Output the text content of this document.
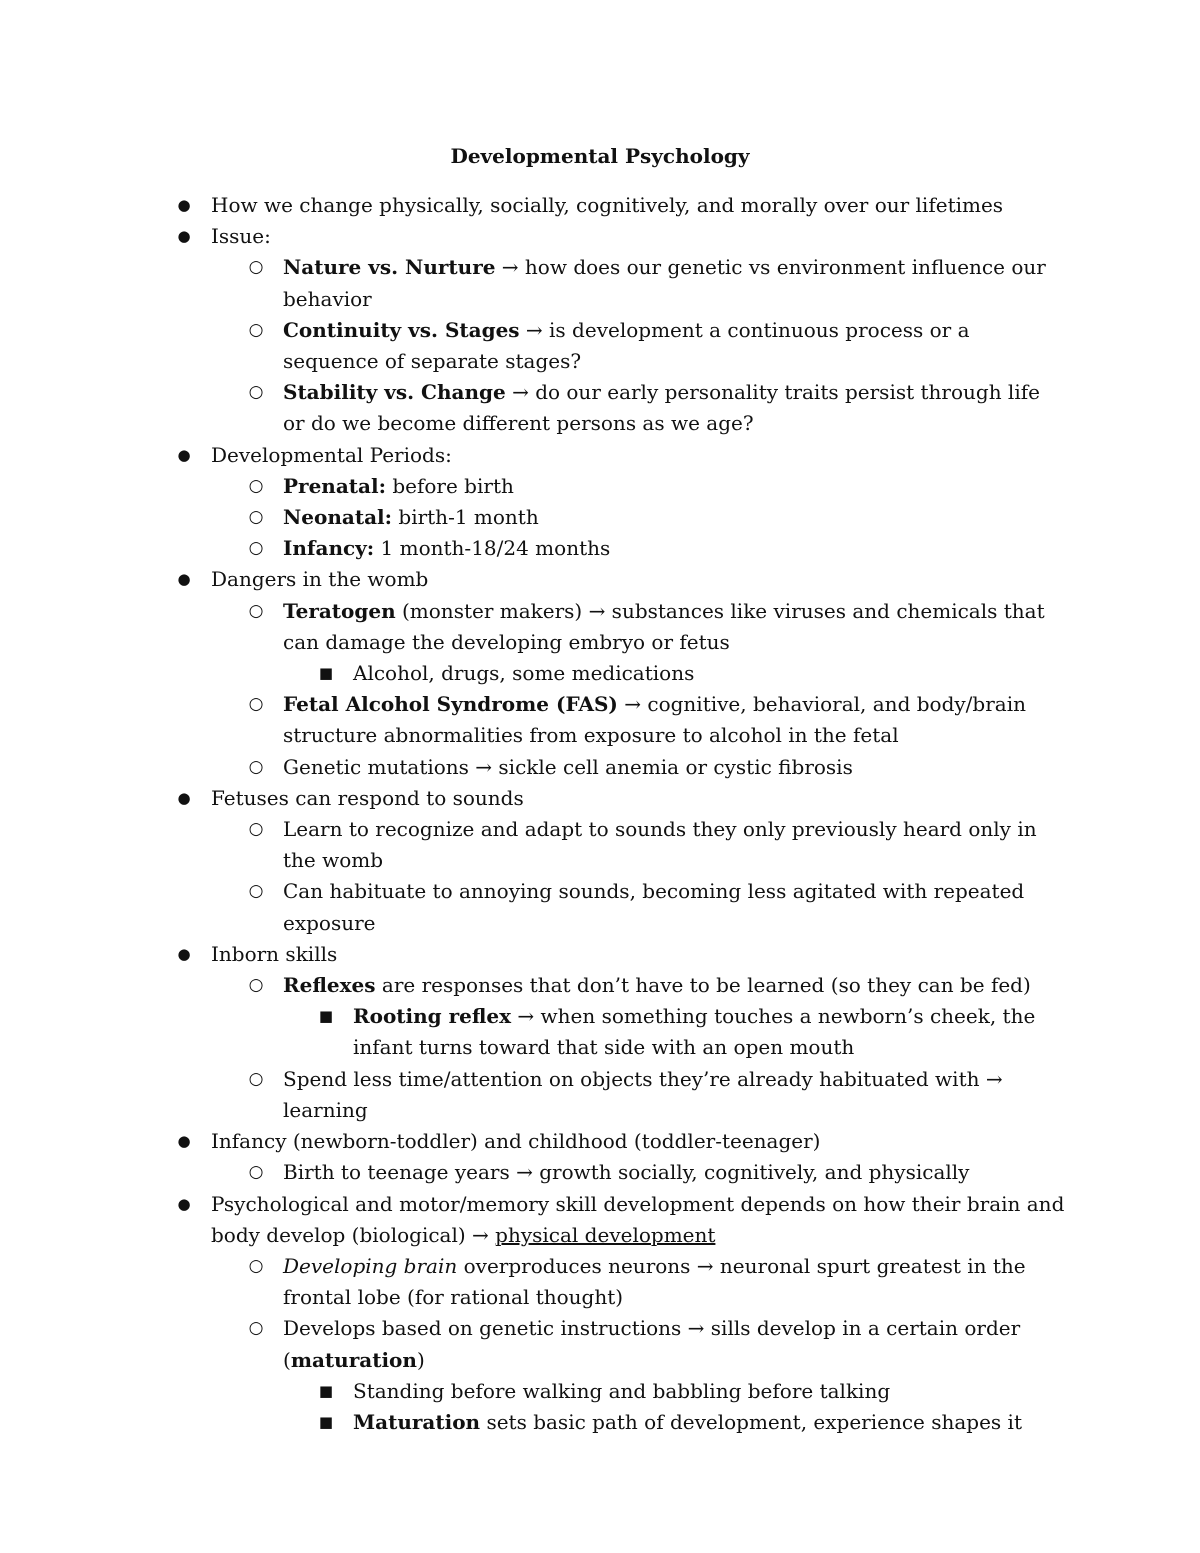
Developmental Psychology
●	How we change physically, socially, cognitively, and morally over our lifetimes
●	Issue:
○ Nature vs. Nurture → how does our genetic vs environment influence our behavior
○ Continuity vs. Stages → is development a continuous process or a sequence of separate stages?
○ Stability vs. Change → do our early personality traits persist through life or do we become different persons as we age?
●	Developmental Periods:
○ Prenatal: before birth
○ Neonatal: birth-1 month
○ Infancy: 1 month-18/24 months
●	Dangers in the womb
○ Teratogen (monster makers) → substances like viruses and chemicals that can damage the developing embryo or fetus
■ Alcohol, drugs, some medications
○ Fetal Alcohol Syndrome (FAS) → cognitive, behavioral, and body/brain structure abnormalities from exposure to alcohol in the fetal
○ Genetic mutations → sickle cell anemia or cystic fibrosis
●	Fetuses can respond to sounds
○ Learn to recognize and adapt to sounds they only previously heard only in the womb
○ Can habituate to annoying sounds, becoming less agitated with repeated exposure
●	Inborn skills
○ Reflexes are responses that don’t have to be learned (so they can be fed)
■ Rooting reflex → when something touches a newborn’s cheek, the infant turns toward that side with an open mouth
○ Spend less time/attention on objects they’re already habituated with → learning
●	Infancy (newborn-toddler) and childhood (toddler-teenager)
○ Birth to teenage years → growth socially, cognitively, and physically
●	Psychological and motor/memory skill development depends on how their brain and body develop (biological) → physical development
○ Developing brain overproduces neurons → neuronal spurt greatest in the frontal lobe (for rational thought)
○ Develops based on genetic instructions → sills develop in a certain order (maturation)
■ Standing before walking and babbling before talking
■ Maturation sets basic path of development, experience shapes it
